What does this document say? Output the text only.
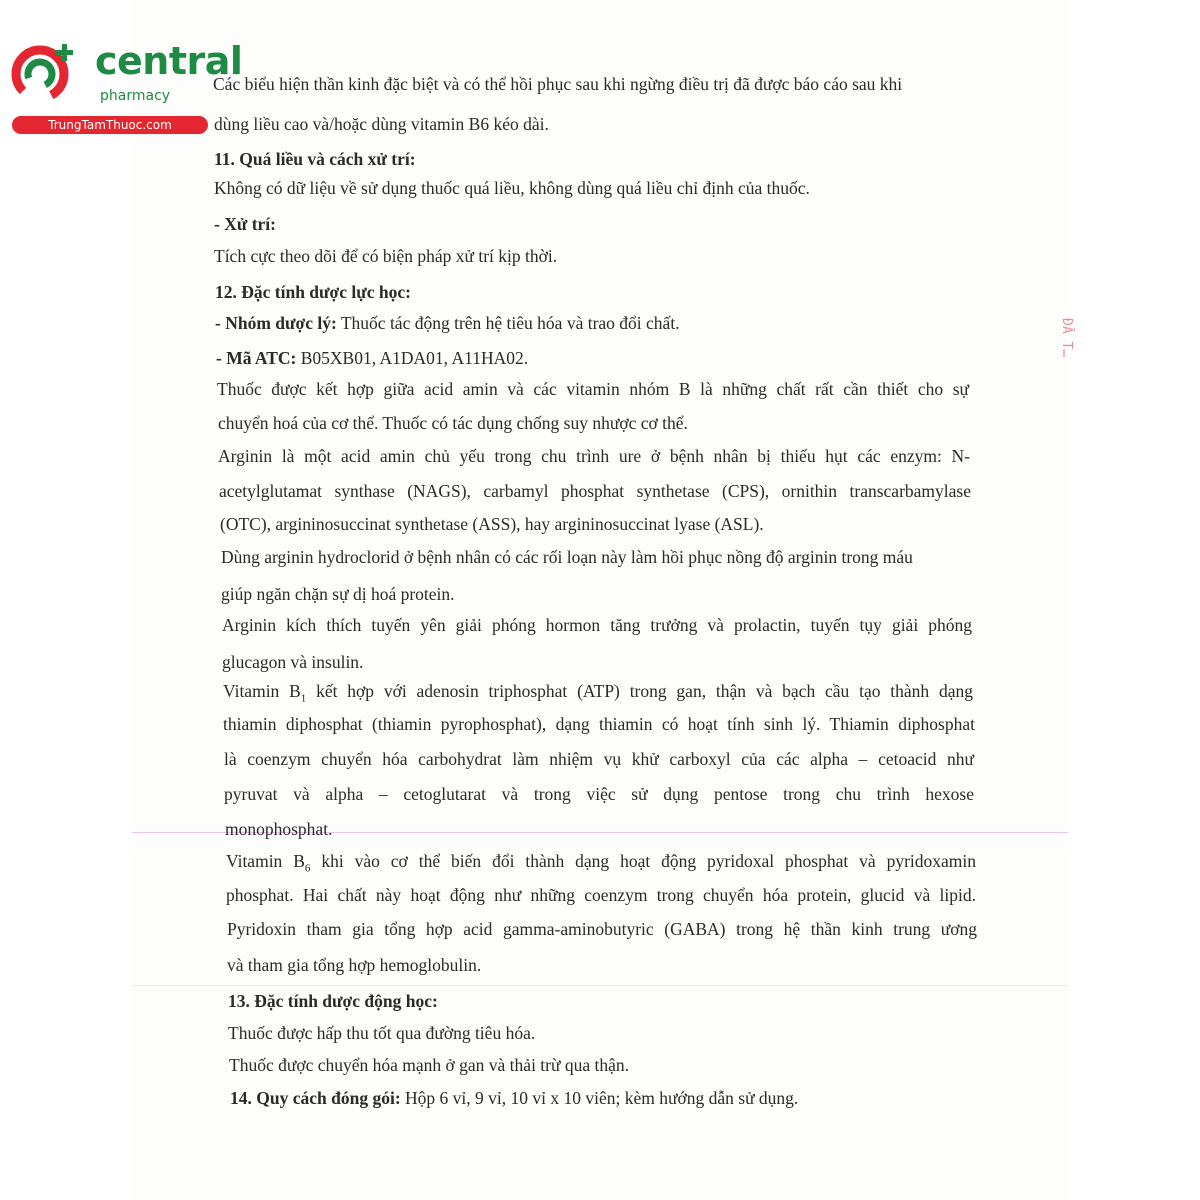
central
pharmacy
TrungTamThuoc.com
ĐÃ T…
Các biểu hiện thần kinh đặc biệt và có thể hồi phục sau khi ngừng điều trị đã được báo cáo sau khi
dùng liều cao và/hoặc dùng vitamin B6 kéo dài.
11. Quá liều và cách xử trí:
Không có dữ liệu về sử dụng thuốc quá liều, không dùng quá liều chỉ định của thuốc.
- Xử trí:
Tích cực theo dõi để có biện pháp xử trí kịp thời.
12. Đặc tính dược lực học:
- Nhóm dược lý: Thuốc tác động trên hệ tiêu hóa và trao đổi chất.
- Mã ATC: B05XB01, A1DA01, A11HA02.
Thuốc được kết hợp giữa acid amin và các vitamin nhóm B là những chất rất cần thiết cho sự
chuyển hoá của cơ thể. Thuốc có tác dụng chống suy nhược cơ thể.
Arginin là một acid amin chủ yếu trong chu trình ure ở bệnh nhân bị thiếu hụt các enzym: N-
acetylglutamat synthase (NAGS), carbamyl phosphat synthetase (CPS), ornithin transcarbamylase
(OTC), argininosuccinat synthetase (ASS), hay argininosuccinat lyase (ASL).
Dùng arginin hydroclorid ở bệnh nhân có các rối loạn này làm hồi phục nồng độ arginin trong máu
giúp ngăn chặn sự dị hoá protein.
Arginin kích thích tuyến yên giải phóng hormon tăng trưởng và prolactin, tuyến tụy giải phóng
glucagon và insulin.
Vitamin $B_1$ kết hợp với adenosin triphosphat (ATP) trong gan, thận và bạch cầu tạo thành dạng
thiamin diphosphat (thiamin pyrophosphat), dạng thiamin có hoạt tính sinh lý. Thiamin diphosphat
là coenzym chuyển hóa carbohydrat làm nhiệm vụ khử carboxyl của các alpha – cetoacid như
pyruvat và alpha – cetoglutarat và trong việc sử dụng pentose trong chu trình hexose
monophosphat.
Vitamin $B_6$ khi vào cơ thể biến đổi thành dạng hoạt động pyridoxal phosphat và pyridoxamin
phosphat. Hai chất này hoạt động như những coenzym trong chuyển hóa protein, glucid và lipid.
Pyridoxin tham gia tổng hợp acid gamma-aminobutyric (GABA) trong hệ thần kinh trung ương
và tham gia tổng hợp hemoglobulin.
13. Đặc tính dược động học:
Thuốc được hấp thu tốt qua đường tiêu hóa.
Thuốc được chuyển hóa mạnh ở gan và thải trừ qua thận.
14. Quy cách đóng gói: Hộp 6 vỉ, 9 vỉ, 10 vỉ x 10 viên; kèm hướng dẫn sử dụng.
